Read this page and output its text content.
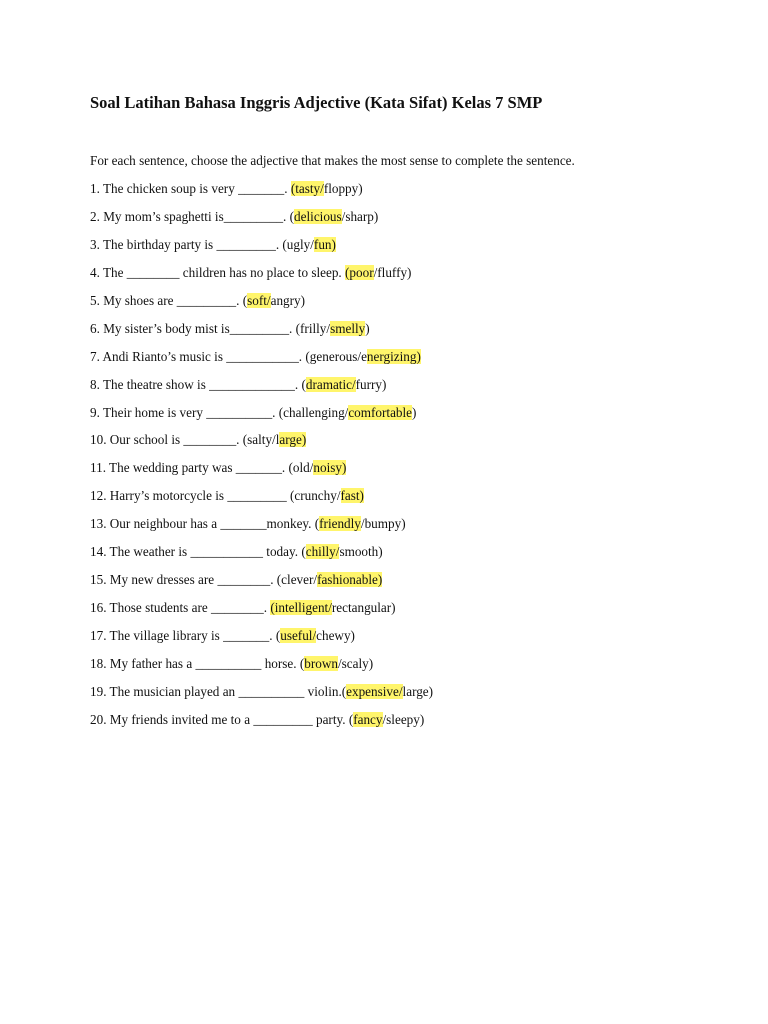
Soal Latihan Bahasa Inggris Adjective (Kata Sifat) Kelas 7 SMP
For each sentence, choose the adjective that makes the most sense to complete the sentence.
1. The chicken soup is very _______. (tasty/floppy)
2. My mom’s spaghetti is_________. (delicious/sharp)
3. The birthday party is _________. (ugly/fun)
4. The ________ children has no place to sleep. (poor/fluffy)
5. My shoes are _________. (soft/angry)
6. My sister’s body mist is_________. (frilly/smelly)
7. Andi Rianto’s music is ___________. (generous/energizing)
8. The theatre show is _____________. (dramatic/furry)
9. Their home is very __________. (challenging/comfortable)
10. Our school is ________. (salty/large)
11. The wedding party was _______. (old/noisy)
12. Harry’s motorcycle is _________ (crunchy/fast)
13. Our neighbour has a _______monkey. (friendly/bumpy)
14. The weather is ___________ today. (chilly/smooth)
15. My new dresses are ________. (clever/fashionable)
16. Those students are ________. (intelligent/rectangular)
17. The village library is _______. (useful/chewy)
18. My father has a __________ horse. (brown/scaly)
19. The musician played an __________ violin.(expensive/large)
20. My friends invited me to a _________ party. (fancy/sleepy)
